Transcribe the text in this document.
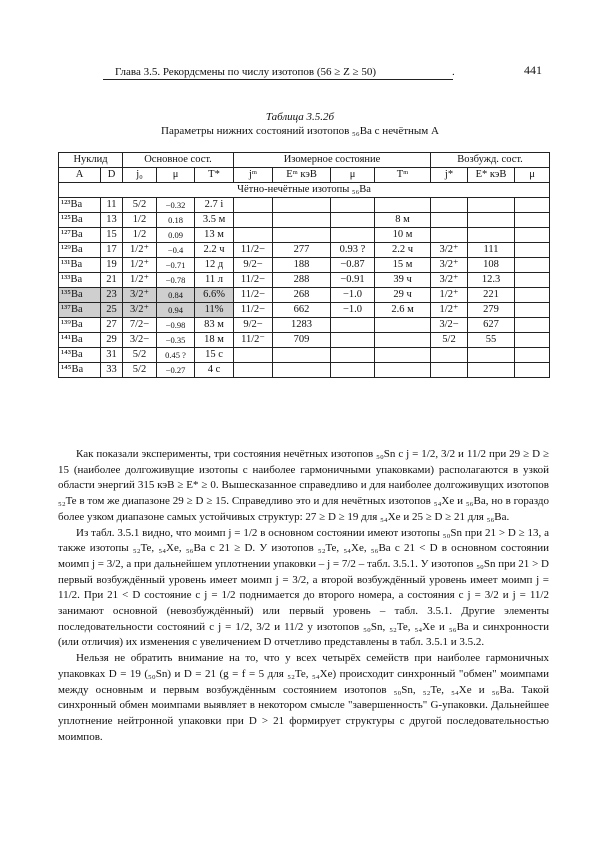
Глава 3.5. Рекордсмены по числу изотопов (56 ≥ Z ≥ 50)	.	441
Таблица 3.5.2б
Параметры нижних состояний изотопов ₅₆Ba с нечётным A
Нуклид		Основное сост.			Изомерное состояние				Возбужд. сост.		
A	D	j₀	μ	T*	jᵐ	Eᵐ кэВ	μ	Tᵐ	j*	E* кэВ	μ
Чётно-нечётные изотопы ₅₆Ba											
¹²³Ba	11	5/2	−0.32	2.7 i							
¹²⁵Ba	13	1/2	0.18	3.5 м				8 м			
¹²⁷Ba	15	1/2	0.09	13 м				10 м			
¹²⁹Ba	17	1/2⁺	−0.4	2.2 ч	11/2−	277	0.93 ?	2.2 ч	3/2⁺	111	
¹³¹Ba	19	1/2⁺	−0.71	12 д	9/2−	188	−0.87	15 м	3/2⁺	108	
¹³³Ba	21	1/2⁺	−0.78	11 л	11/2−	288	−0.91	39 ч	3/2⁺	12.3	
¹³⁵Ba	23	3/2⁺	0.84	6.6%	11/2−	268	−1.0	29 ч	1/2⁺	221	
¹³⁷Ba	25	3/2⁺	0.94	11%	11/2−	662	−1.0	2.6 м	1/2⁺	279	
¹³⁹Ba	27	7/2−	−0.98	83 м	9/2−	1283			3/2−	627	
¹⁴¹Ba	29	3/2−	−0.35	18 м	11/2⁻	709			5/2	55	
¹⁴³Ba	31	5/2	0.45 ?	15 с							
¹⁴⁵Ba	33	5/2	−0.27	4 с							

Как показали эксперименты, три состояния нечётных изотопов ₅₀Sn с j = 1/2, 3/2 и 11/2 при 29 ≥ D ≥ 15 (наиболее долгоживущие изотопы с наиболее гармоничными упаковками) располагаются в узкой области энергий 315 кэВ ≥ E* ≥ 0. Вышесказанное справедливо и для наиболее долгоживущих изотопов ₅₂Te в том же диапазоне 29 ≥ D ≥ 15. Справедливо это и для нечётных изотопов ₅₄Xe и ₅₆Ba, но в гораздо более узком диапазоне самых устойчивых структур: 27 ≥ D ≥ 19 для ₅₄Xe и 25 ≥ D ≥ 21 для ₅₆Ba.

Из табл. 3.5.1 видно, что моимп j = 1/2 в основном состоянии имеют изотопы ₅₀Sn при 21 > D ≥ 13, а также изотопы ₅₂Te, ₅₄Xe, ₅₆Ba с 21 ≥ D. У изотопов ₅₂Te, ₅₄Xe, ₅₆Ba с 21 < D в основном состоянии моимп j = 3/2, а при дальнейшем уплотнении упаковки – j = 7/2 – табл. 3.5.1. У изотопов ₅₀Sn при 21 > D первый возбуждённый уровень имеет моимп j = 3/2, а второй возбуждённый уровень имеет моимп j = 11/2. При 21 < D состояние с j = 1/2 поднимается до второго номера, а состояния с j = 3/2 и j = 11/2 занимают основной (невозбуждённый) или первый уровень – табл. 3.5.1. Другие элементы последовательности состояний с j = 1/2, 3/2 и 11/2 у изотопов ₅₀Sn, ₅₂Te, ₅₄Xe и ₅₆Ba и синхронности (или отличия) их изменения с увеличением D отчетливо представлены в табл. 3.5.1 и 3.5.2.

Нельзя не обратить внимание на то, что у всех четырёх семейств при наиболее гармоничных упаковках D = 19 (₅₀Sn) и D = 21 (g = f = 5 для ₅₂Te, ₅₄Xe) происходит синхронный "обмен" моимпами между основным и первым возбуждённым состоянием изотопов ₅₀Sn, ₅₂Te, ₅₄Xe и ₅₆Ba. Такой синхронный обмен моимпами выявляет в некотором смысле "завершенность" G-упаковки. Дальнейшее уплотнение нейтронной упаковки при D > 21 формирует структуры с другой последовательностью моимпов.
